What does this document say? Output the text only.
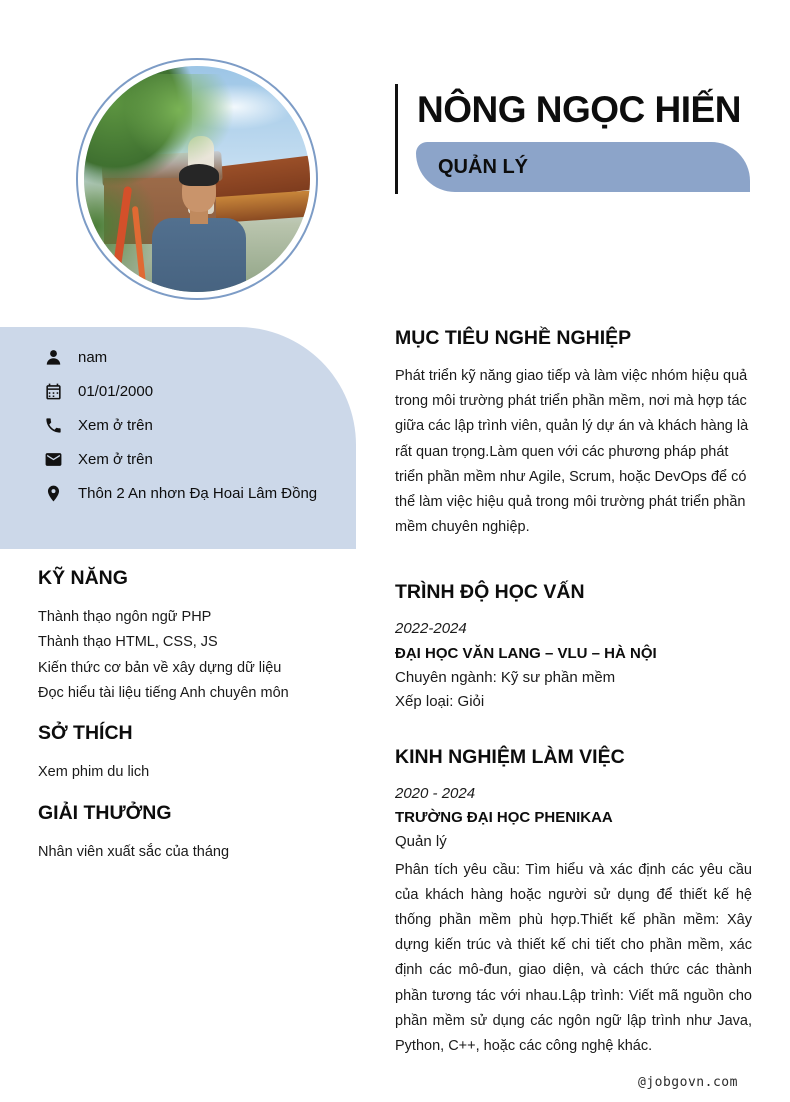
NÔNG NGỌC HIẾN
QUẢN LÝ
nam
01/01/2000
Xem ở trên
Xem ở trên
Thôn 2 An nhơn Đạ Hoai Lâm Đồng
KỸ NĂNG
Thành thạo ngôn ngữ PHP
Thành thạo HTML, CSS, JS
Kiến thức cơ bản về xây dựng dữ liệu
Đọc hiểu tài liệu tiếng Anh chuyên môn
SỞ THÍCH

Xem phim du lich

GIẢI THƯỞNG

Nhân viên xuất sắc của tháng

MỤC TIÊU NGHỀ NGHIỆP

Phát triển kỹ năng giao tiếp và làm việc nhóm hiệu quả trong môi trường phát triển phần mềm, nơi mà hợp tác giữa các lập trình viên, quản lý dự án và khách hàng là rất quan trọng.Làm quen với các phương pháp phát triển phần mềm như Agile, Scrum, hoặc DevOps để có thể làm việc hiệu quả trong môi trường phát triển phần mềm chuyên nghiệp.

TRÌNH ĐỘ HỌC VẤN

2022-2024

ĐẠI HỌC VĂN LANG – VLU – HÀ NỘI

Chuyên ngành: Kỹ sư phần mềm

Xếp loại: Giỏi

KINH NGHIỆM LÀM VIỆC

2020 - 2024

TRƯỜNG ĐẠI HỌC PHENIKAA

Quản lý

Phân tích yêu cầu: Tìm hiểu và xác định các yêu cầu của khách hàng hoặc người sử dụng để thiết kế hệ thống phần mềm phù hợp.Thiết kế phần mềm: Xây dựng kiến trúc và thiết kế chi tiết cho phần mềm, xác định các mô-đun, giao diện, và cách thức các thành phần tương tác với nhau.Lập trình: Viết mã nguồn cho phần mềm sử dụng các ngôn ngữ lập trình như Java, Python, C++, hoặc các công nghệ khác.

@jobgovn.com
